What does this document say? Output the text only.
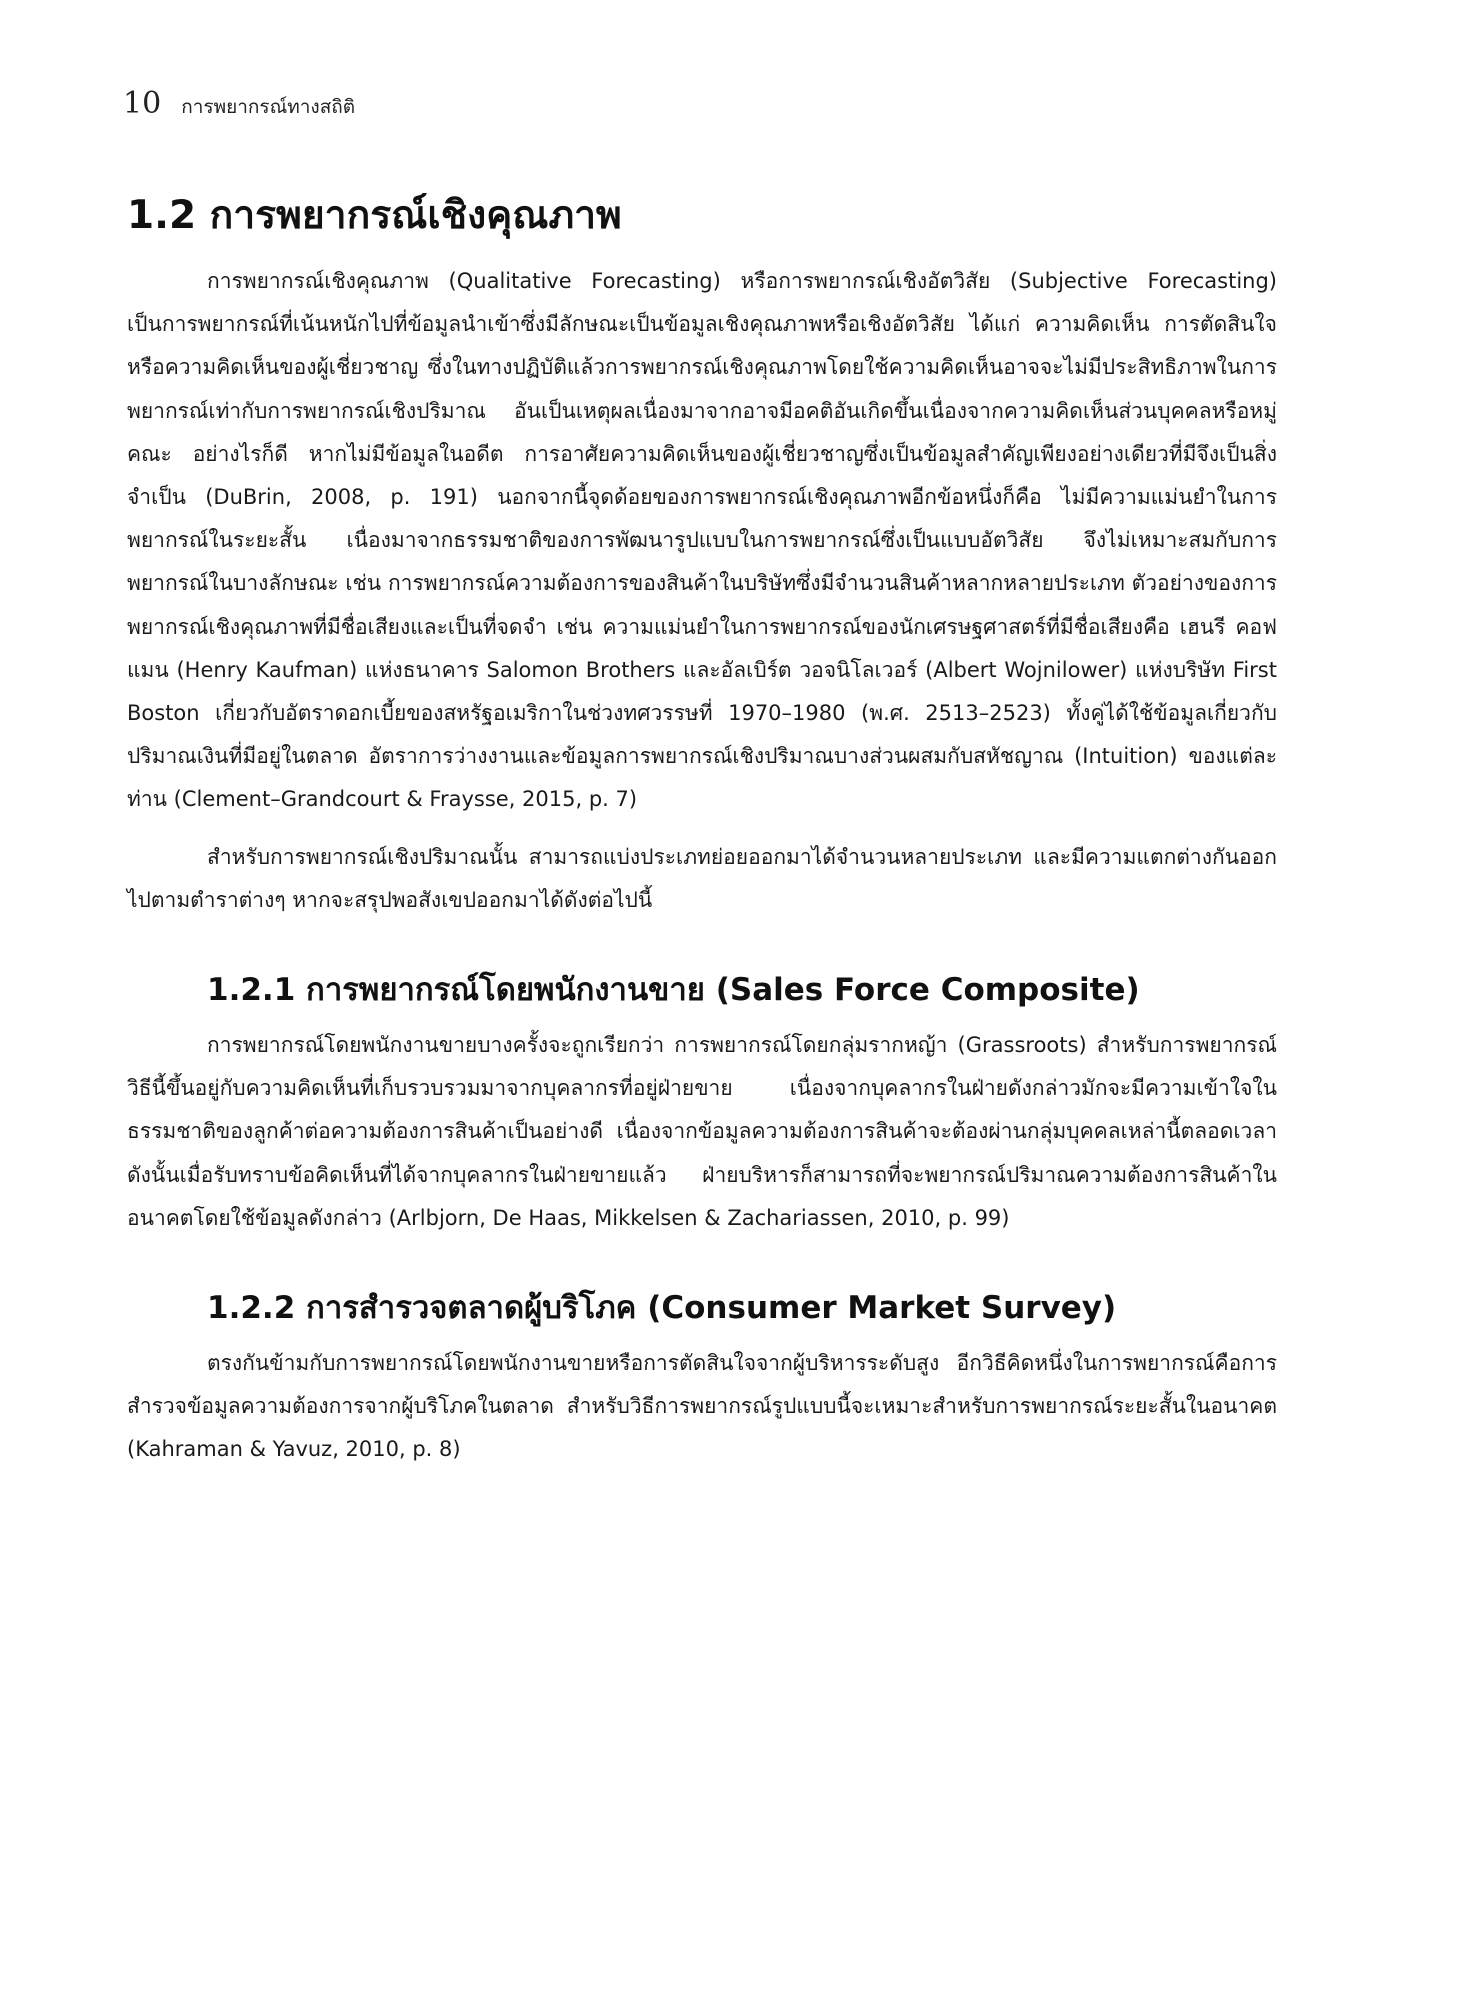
10 การพยากรณ์ทางสถิติ
1.2 การพยากรณ์เชิงคุณภาพ

การพยากรณ์เชิงคุณภาพ (Qualitative Forecasting) หรือการพยากรณ์เชิงอัตวิสัย (Subjective Forecasting) เป็นการพยากรณ์ที่เน้นหนักไปที่ข้อมูลนำเข้าซึ่งมีลักษณะเป็นข้อมูลเชิงคุณภาพหรือเชิงอัตวิสัย ได้แก่ ความคิดเห็น การตัดสินใจ หรือความคิดเห็นของผู้เชี่ยวชาญ ซึ่งในทางปฏิบัติแล้วการพยากรณ์เชิงคุณภาพโดยใช้ความคิดเห็นอาจจะไม่มีประสิทธิภาพในการพยากรณ์เท่ากับการพยากรณ์เชิงปริมาณ อันเป็นเหตุผลเนื่องมาจากอาจมีอคติอันเกิดขึ้นเนื่องจากความคิดเห็นส่วนบุคคลหรือหมู่คณะ อย่างไรก็ดี หากไม่มีข้อมูลในอดีต การอาศัยความคิดเห็นของผู้เชี่ยวชาญซึ่งเป็นข้อมูลสำคัญเพียงอย่างเดียวที่มีจึงเป็นสิ่งจำเป็น (DuBrin, 2008, p. 191) นอกจากนี้จุดด้อยของการพยากรณ์เชิงคุณภาพอีกข้อหนึ่งก็คือ ไม่มีความแม่นยำในการพยากรณ์ในระยะสั้น เนื่องมาจากธรรมชาติของการพัฒนารูปแบบในการพยากรณ์ซึ่งเป็นแบบอัตวิสัย จึงไม่เหมาะสมกับการพยากรณ์ในบางลักษณะ เช่น การพยากรณ์ความต้องการของสินค้าในบริษัทซึ่งมีจำนวนสินค้าหลากหลายประเภท ตัวอย่างของการพยากรณ์เชิงคุณภาพที่มีชื่อเสียงและเป็นที่จดจำ เช่น ความแม่นยำในการพยากรณ์ของนักเศรษฐศาสตร์ที่มีชื่อเสียงคือ เฮนรี คอฟแมน (Henry Kaufman) แห่งธนาคาร Salomon Brothers และอัลเบิร์ต วอจนิโลเวอร์ (Albert Wojnilower) แห่งบริษัท First Boston เกี่ยวกับอัตราดอกเบี้ยของสหรัฐอเมริกาในช่วงทศวรรษที่ 1970–1980 (พ.ศ. 2513–2523) ทั้งคู่ได้ใช้ข้อมูลเกี่ยวกับปริมาณเงินที่มีอยู่ในตลาด อัตราการว่างงานและข้อมูลการพยากรณ์เชิงปริมาณบางส่วนผสมกับสหัชญาณ (Intuition) ของแต่ละท่าน (Clement–Grandcourt & Fraysse, 2015, p. 7)

สำหรับการพยากรณ์เชิงปริมาณนั้น สามารถแบ่งประเภทย่อยออกมาได้จำนวนหลายประเภท และมีความแตกต่างกันออกไปตามตำราต่างๆ หากจะสรุปพอสังเขปออกมาได้ดังต่อไปนี้

1.2.1 การพยากรณ์โดยพนักงานขาย (Sales Force Composite)

การพยากรณ์โดยพนักงานขายบางครั้งจะถูกเรียกว่า การพยากรณ์โดยกลุ่มรากหญ้า (Grassroots) สำหรับการพยากรณ์วิธีนี้ขึ้นอยู่กับความคิดเห็นที่เก็บรวบรวมมาจากบุคลากรที่อยู่ฝ่ายขาย เนื่องจากบุคลากรในฝ่ายดังกล่าวมักจะมีความเข้าใจในธรรมชาติของลูกค้าต่อความต้องการสินค้าเป็นอย่างดี เนื่องจากข้อมูลความต้องการสินค้าจะต้องผ่านกลุ่มบุคคลเหล่านี้ตลอดเวลา ดังนั้นเมื่อรับทราบข้อคิดเห็นที่ได้จากบุคลากรในฝ่ายขายแล้ว ฝ่ายบริหารก็สามารถที่จะพยากรณ์ปริมาณความต้องการสินค้าในอนาคตโดยใช้ข้อมูลดังกล่าว (Arlbjorn, De Haas, Mikkelsen & Zachariassen, 2010, p. 99)

1.2.2 การสำรวจตลาดผู้บริโภค (Consumer Market Survey)

ตรงกันข้ามกับการพยากรณ์โดยพนักงานขายหรือการตัดสินใจจากผู้บริหารระดับสูง อีกวิธีคิดหนึ่งในการพยากรณ์คือการสำรวจข้อมูลความต้องการจากผู้บริโภคในตลาด สำหรับวิธีการพยากรณ์รูปแบบนี้จะเหมาะสำหรับการพยากรณ์ระยะสั้นในอนาคต (Kahraman & Yavuz, 2010, p. 8)
